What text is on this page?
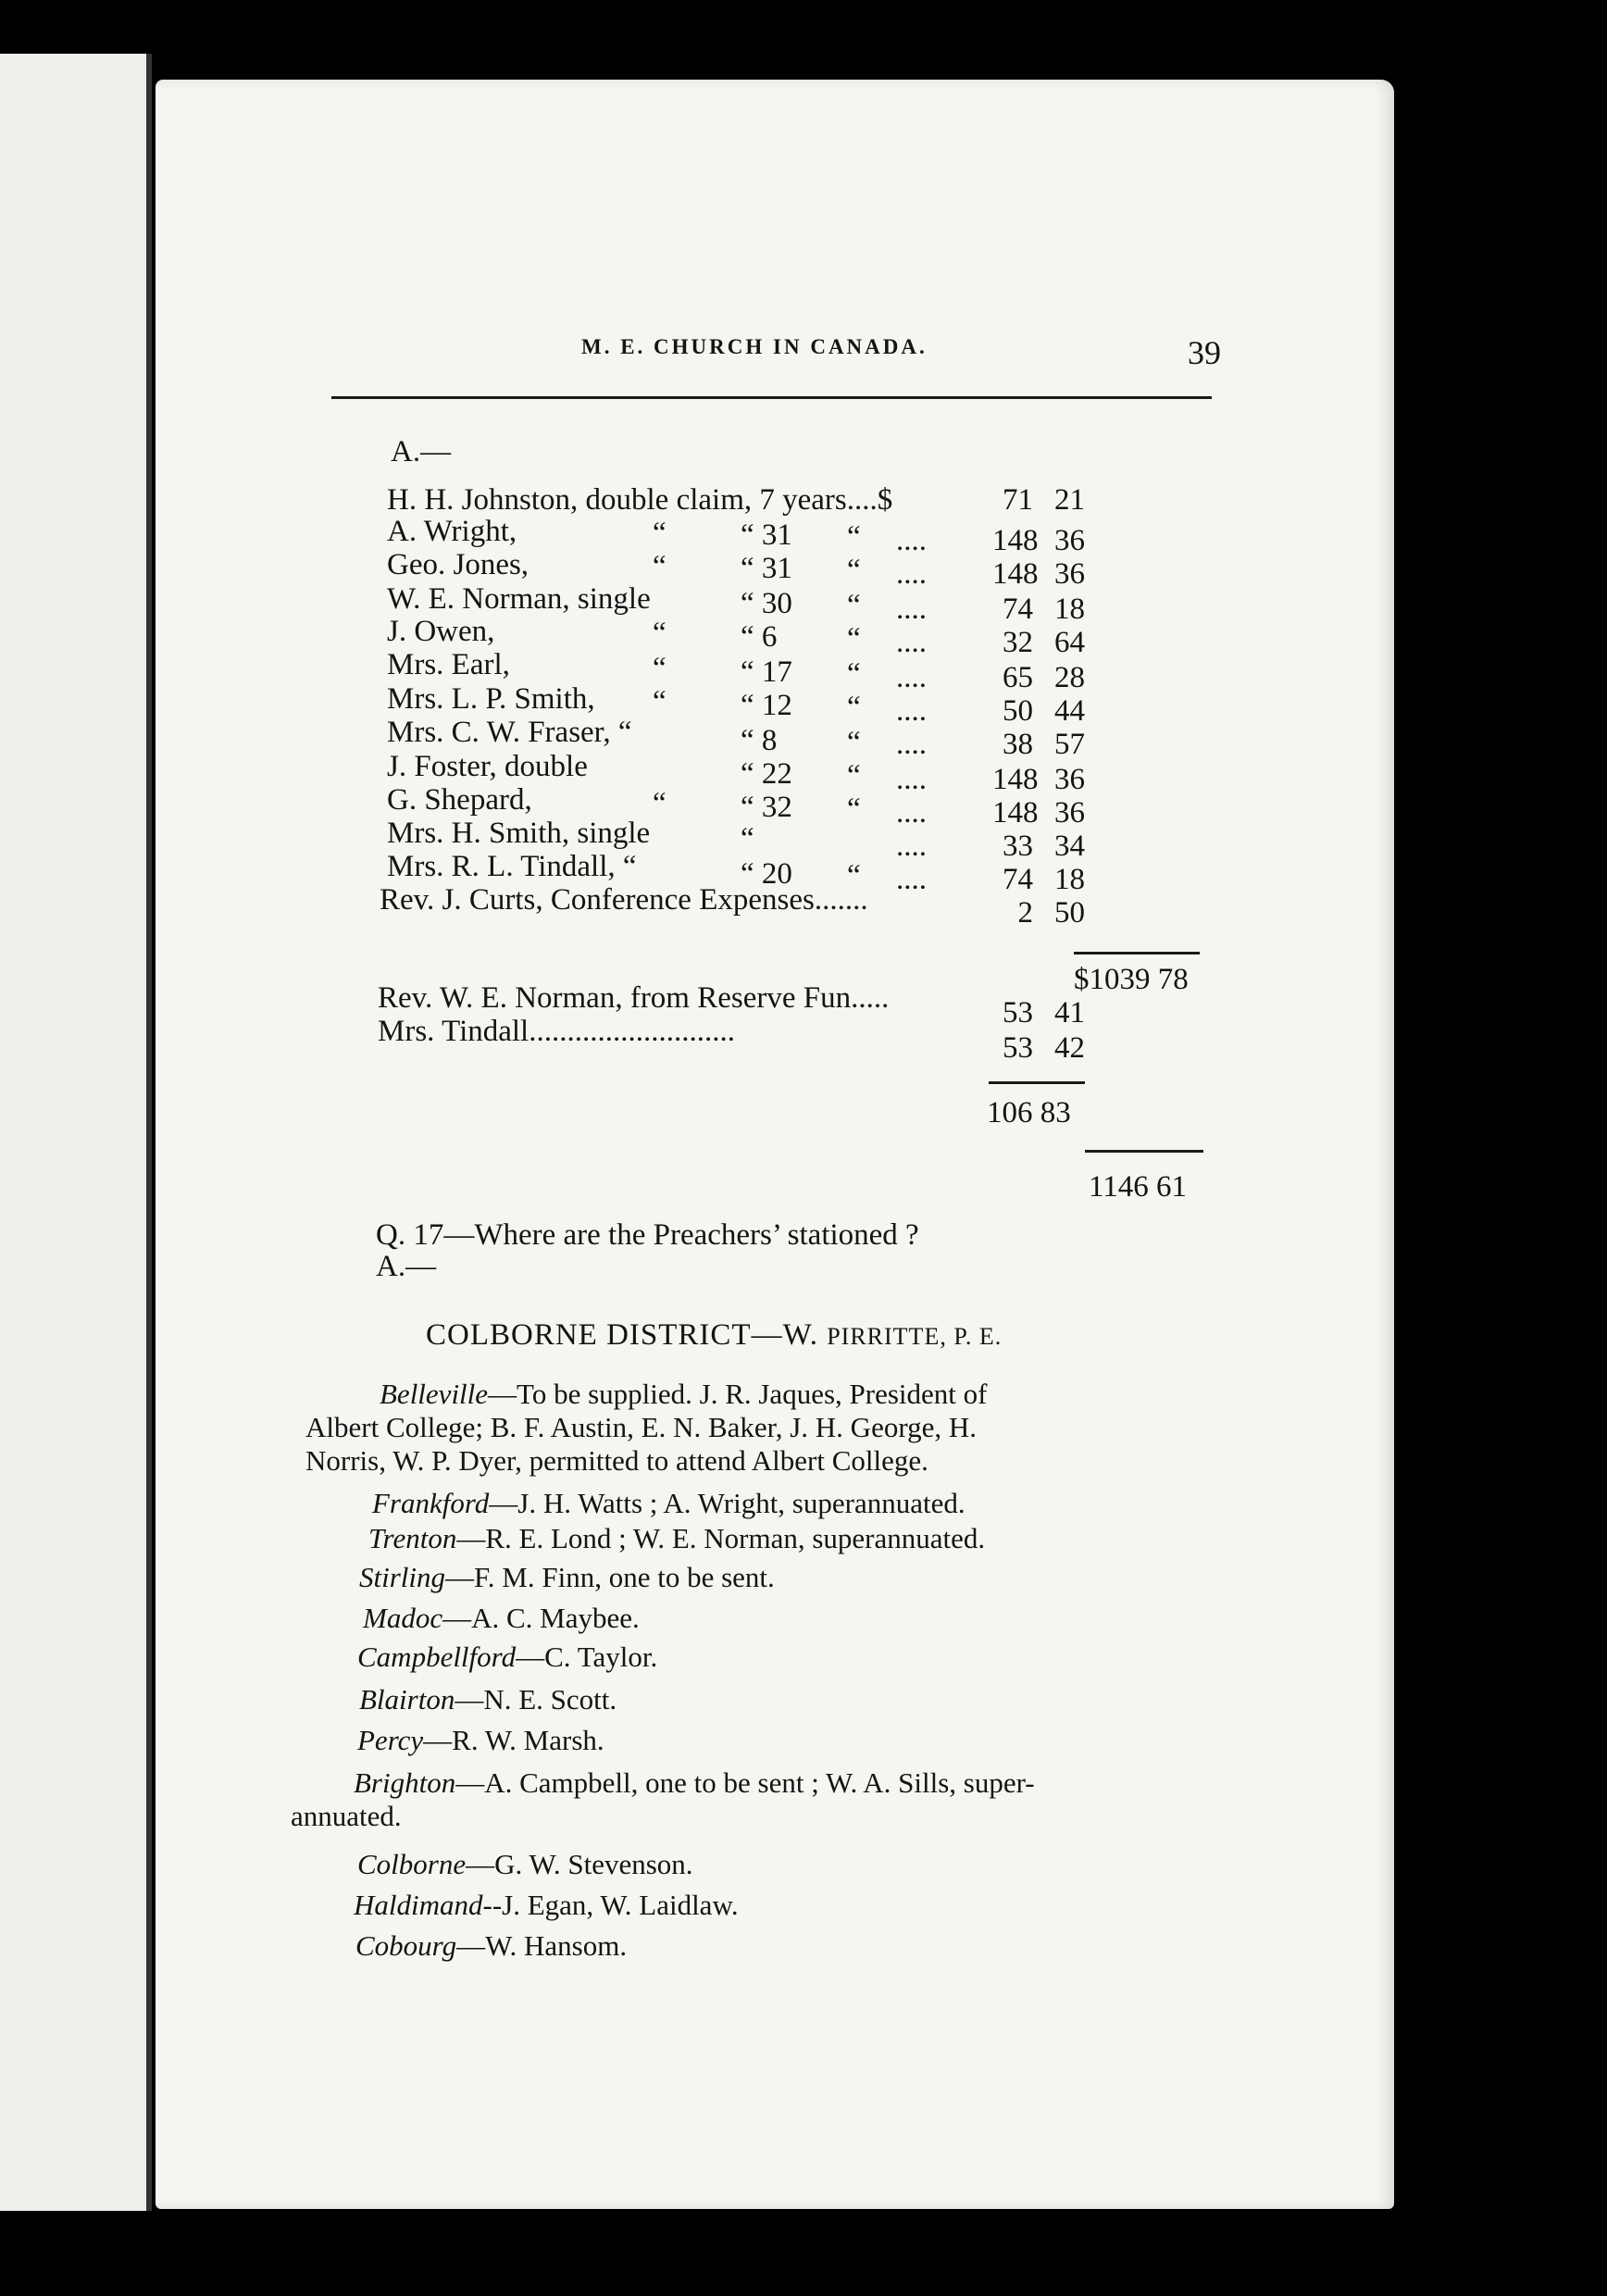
M. E. CHURCH IN CANADA.	39
A.—
H. H. Johnston, double claim, 7 years....$	71 21
A. Wright,	“ “ 31 “ .... 148 36
Geo. Jones,	“ “ 31 “ .... 148 36
W. E. Norman, single	“ 30 “ ....	74 18
J. Owen,	“ “ 6 “ ....	32 64
Mrs. Earl,	“ “ 17 “ ....	65 28
Mrs. L. P. Smith, “ “ 12 “ ....	50 44
Mrs. C. W. Fraser, “	“ 8 “ ....	38 57
J. Foster, double	“ 22 “ .... 148 36
G. Shepard,	“ “ 32 “ .... 148 36
Mrs. H. Smith, single	“	....	33 34
Mrs. R. L. Tindall, “	“ 20 “ ....	74 18
Rev. J. Curts, Conference Expenses.......	2 50
$1039 78
Rev. W. E. Norman, from Reserve Fun.....	53 41
Mrs. Tindall...........................	53 42
106 83
1146 61
Q. 17—Where are the Preachers’ stationed ?
A.—
COLBORNE DISTRICT—W. PIRRITTE, P. E.
Belleville—To be supplied. J. R. Jaques, President of
Albert College; B. F. Austin, E. N. Baker, J. H. George, H.
Norris, W. P. Dyer, permitted to attend Albert College.
Frankford—J. H. Watts ; A. Wright, superannuated.
Trenton—R. E. Lond ; W. E. Norman, superannuated.
Stirling—F. M. Finn, one to be sent.
Madoc—A. C. Maybee.
Campbellford—C. Taylor.
Blairton—N. E. Scott.
Percy—R. W. Marsh.
Brighton—A. Campbell, one to be sent ; W. A. Sills, super-
annuated.
Colborne—G. W. Stevenson.
Haldimand--J. Egan, W. Laidlaw.
Cobourg—W. Hansom.
